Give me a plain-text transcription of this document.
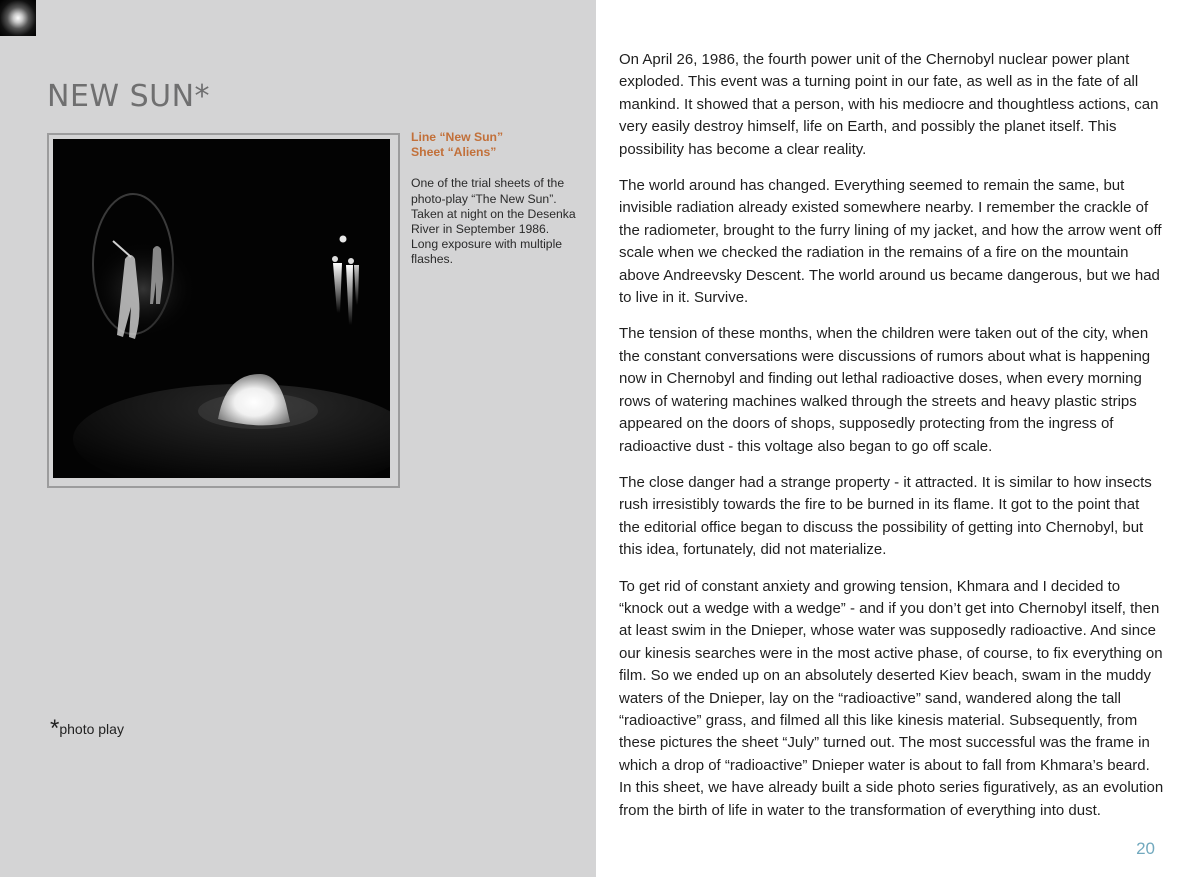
NEW SUN*

Line “New Sun”

Sheet “Aliens”

One of the trial sheets of the photo-play “The New Sun”. Taken at night on the Desenka River in September 1986.

Long exposure with multiple flashes.

*photo play

On April 26, 1986, the fourth power unit of the Chernobyl nuclear power plant exploded. This event was a turning point in our fate, as well as in the fate of all mankind. It showed that a person, with his mediocre and thoughtless actions, can very easily destroy himself, life on Earth, and possibly the planet itself. This possibility has become a clear reality.

The world around has changed. Everything seemed to remain the same, but invisible radiation already existed somewhere nearby. I remember the crackle of the radiometer, brought to the furry lining of my jacket, and how the arrow went off scale when we checked the radiation in the remains of a fire on the mountain above Andreevsky Descent. The world around us became dangerous, but we had to live in it. Survive.

The tension of these months, when the children were taken out of the city, when the constant conversations were discussions of rumors about what is happening now in Chernobyl and finding out lethal radioactive doses, when every morning rows of watering machines walked through the streets and heavy plastic strips appeared on the doors of shops, supposedly protecting from the ingress of radioactive dust - this voltage also began to go off scale.

The close danger had a strange property - it attracted. It is similar to how insects rush irresistibly towards the fire to be burned in its flame. It got to the point that the editorial office began to discuss the possibility of getting into Chernobyl, but this idea, fortunately, did not materialize.

To get rid of constant anxiety and growing tension, Khmara and I decided to “knock out a wedge with a wedge” - and if you don’t get into Chernobyl itself, then at least swim in the Dnieper, whose water was supposedly radioactive. And since our kinesis searches were in the most active phase, of course, to fix everything on film. So we ended up on an absolutely deserted Kiev beach, swam in the muddy waters of the Dnieper, lay on the “radioactive” sand, wandered along the tall “radioactive” grass, and filmed all this like kinesis material. Subsequently, from these pictures the sheet “July” turned out. The most successful was the frame in which a drop of “radioactive” Dnieper water is about to fall from Khmara’s beard. In this sheet, we have already built a side photo series figuratively, as an evolution from the birth of life in water to the transformation of everything into dust.

20
